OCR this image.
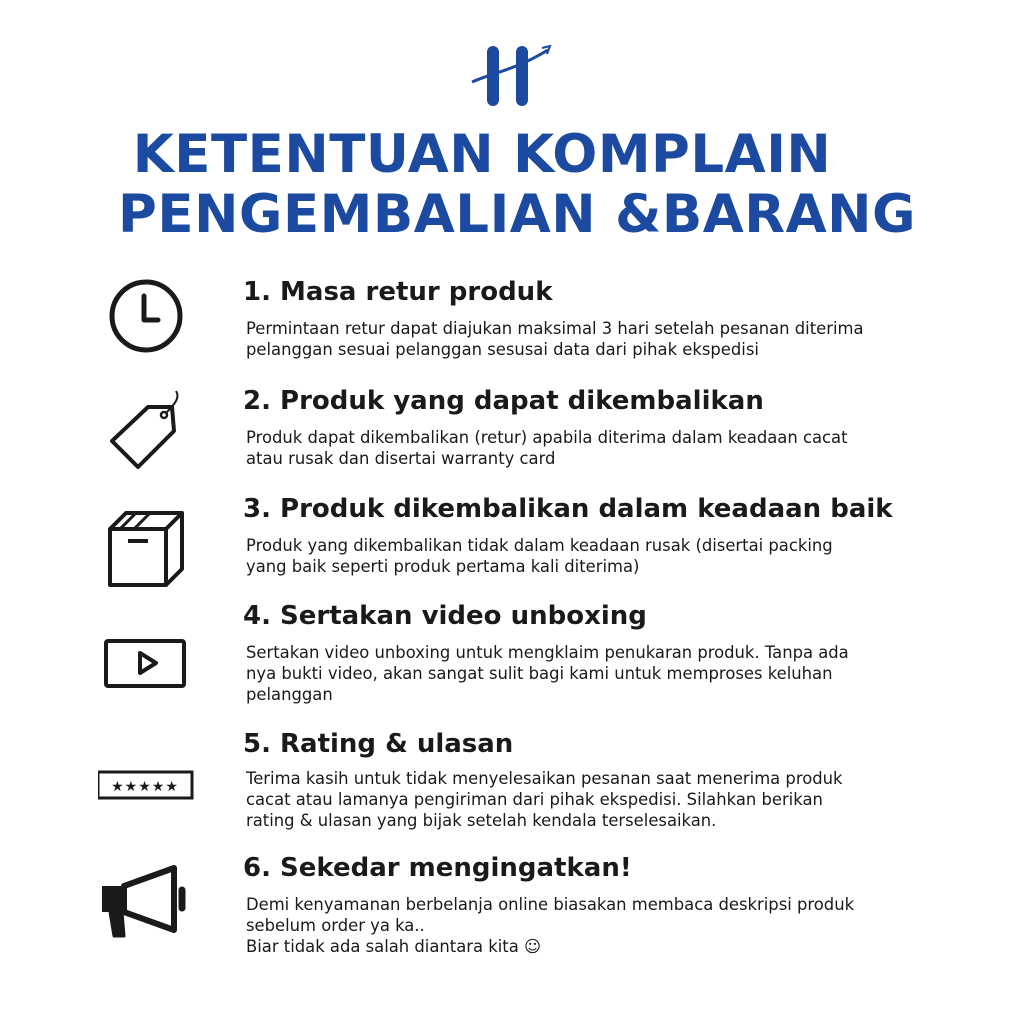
KETENTUAN KOMPLAIN
PENGEMBALIAN &BARANG
1. Masa retur produk
Permintaan retur dapat diajukan maksimal 3 hari setelah pesanan diterima
pelanggan sesuai pelanggan sesusai data dari pihak ekspedisi
2. Produk yang dapat dikembalikan
Produk dapat dikembalikan (retur) apabila diterima dalam keadaan cacat
atau rusak dan disertai warranty card
3. Produk dikembalikan dalam keadaan baik
Produk yang dikembalikan tidak dalam keadaan rusak (disertai packing
yang baik seperti produk pertama kali diterima)
4. Sertakan video unboxing
Sertakan video unboxing untuk mengklaim penukaran produk. Tanpa ada
nya bukti video, akan sangat sulit bagi kami untuk memproses keluhan
pelanggan
★★★★★
5. Rating & ulasan
Terima kasih untuk tidak menyelesaikan pesanan saat menerima produk
cacat atau lamanya pengiriman dari pihak ekspedisi. Silahkan berikan
rating & ulasan yang bijak setelah kendala terselesaikan.
6. Sekedar mengingatkan!
Demi kenyamanan berbelanja online biasakan membaca deskripsi produk
sebelum order ya ka..
Biar tidak ada salah diantara kita ☺
